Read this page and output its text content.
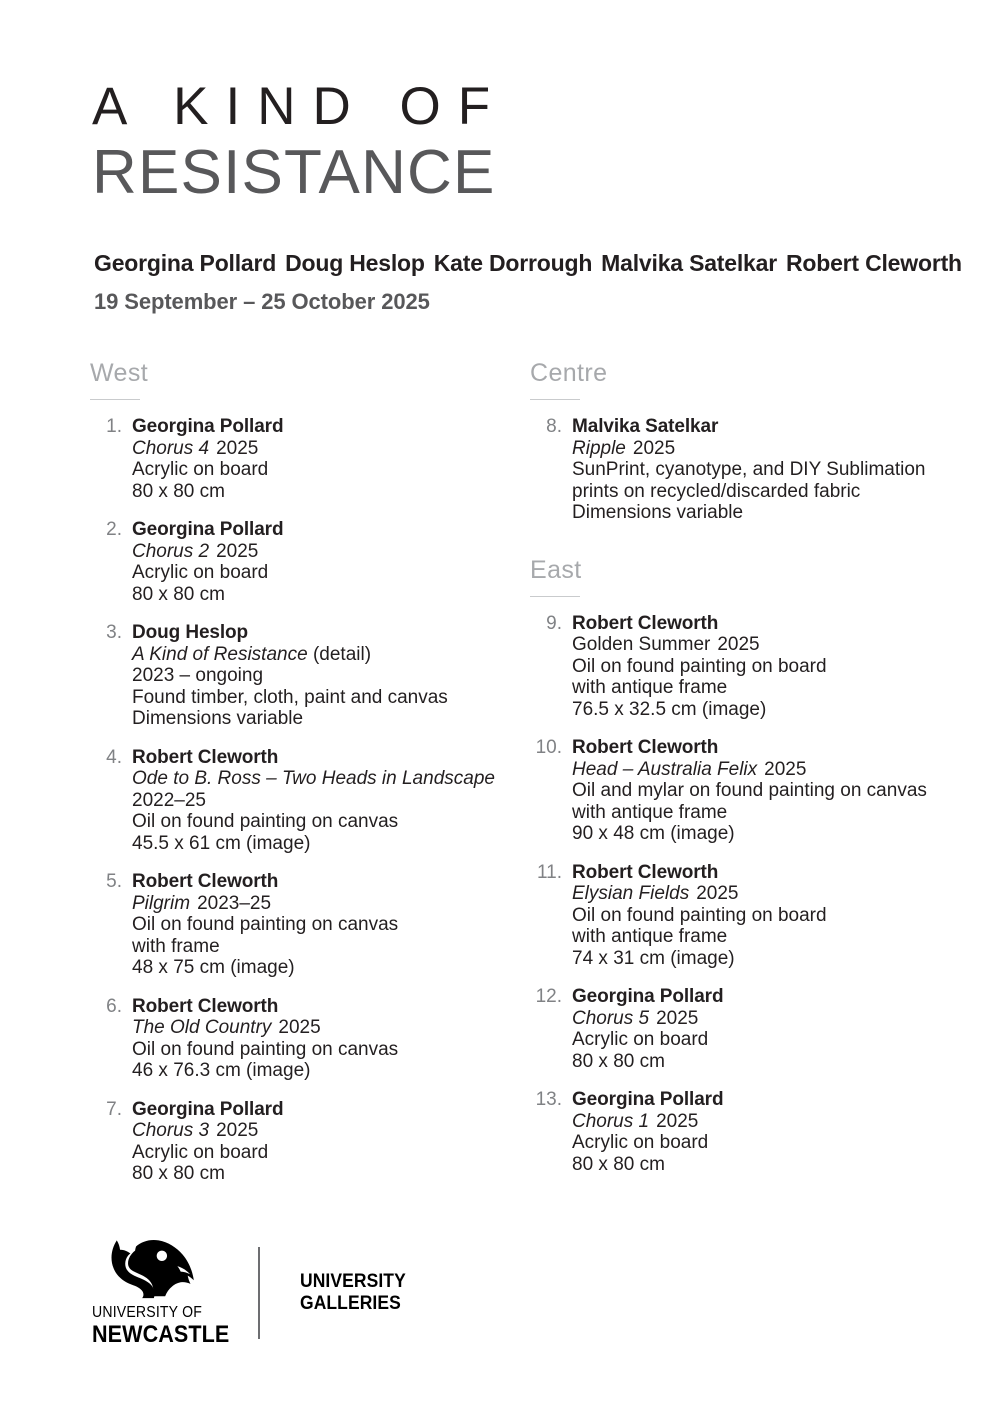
A KIND OF
RESISTANCE
Georgina Pollard Doug Heslop Kate Dorrough Malvika Satelkar Robert Cleworth
19 September – 25 October 2025
West
1. Georgina Pollard
Chorus 4 2025
Acrylic on board
80 x 80 cm
2. Georgina Pollard
Chorus 2 2025
Acrylic on board
80 x 80 cm
3. Doug Heslop
A Kind of Resistance (detail)
2023 – ongoing
Found timber, cloth, paint and canvas
Dimensions variable
4. Robert Cleworth
Ode to B. Ross – Two Heads in Landscape
2022–25
Oil on found painting on canvas
45.5 x 61 cm (image)
5. Robert Cleworth
Pilgrim 2023–25
Oil on found painting on canvas
with frame
48 x 75 cm (image)
6. Robert Cleworth
The Old Country 2025
Oil on found painting on canvas
46 x 76.3 cm (image)
7. Georgina Pollard
Chorus 3 2025
Acrylic on board
80 x 80 cm
Centre
8. Malvika Satelkar
Ripple 2025
SunPrint, cyanotype, and DIY Sublimation
prints on recycled/discarded fabric
Dimensions variable
East
9. Robert Cleworth
Golden Summer 2025
Oil on found painting on board
with antique frame
76.5 x 32.5 cm (image)
10. Robert Cleworth
Head – Australia Felix 2025
Oil and mylar on found painting on canvas
with antique frame
90 x 48 cm (image)
11. Robert Cleworth
Elysian Fields 2025
Oil on found painting on board
with antique frame
74 x 31 cm (image)
12. Georgina Pollard
Chorus 5 2025
Acrylic on board
80 x 80 cm
13. Georgina Pollard
Chorus 1 2025
Acrylic on board
80 x 80 cm
UNIVERSITY OF
NEWCASTLE
UNIVERSITY
GALLERIES
